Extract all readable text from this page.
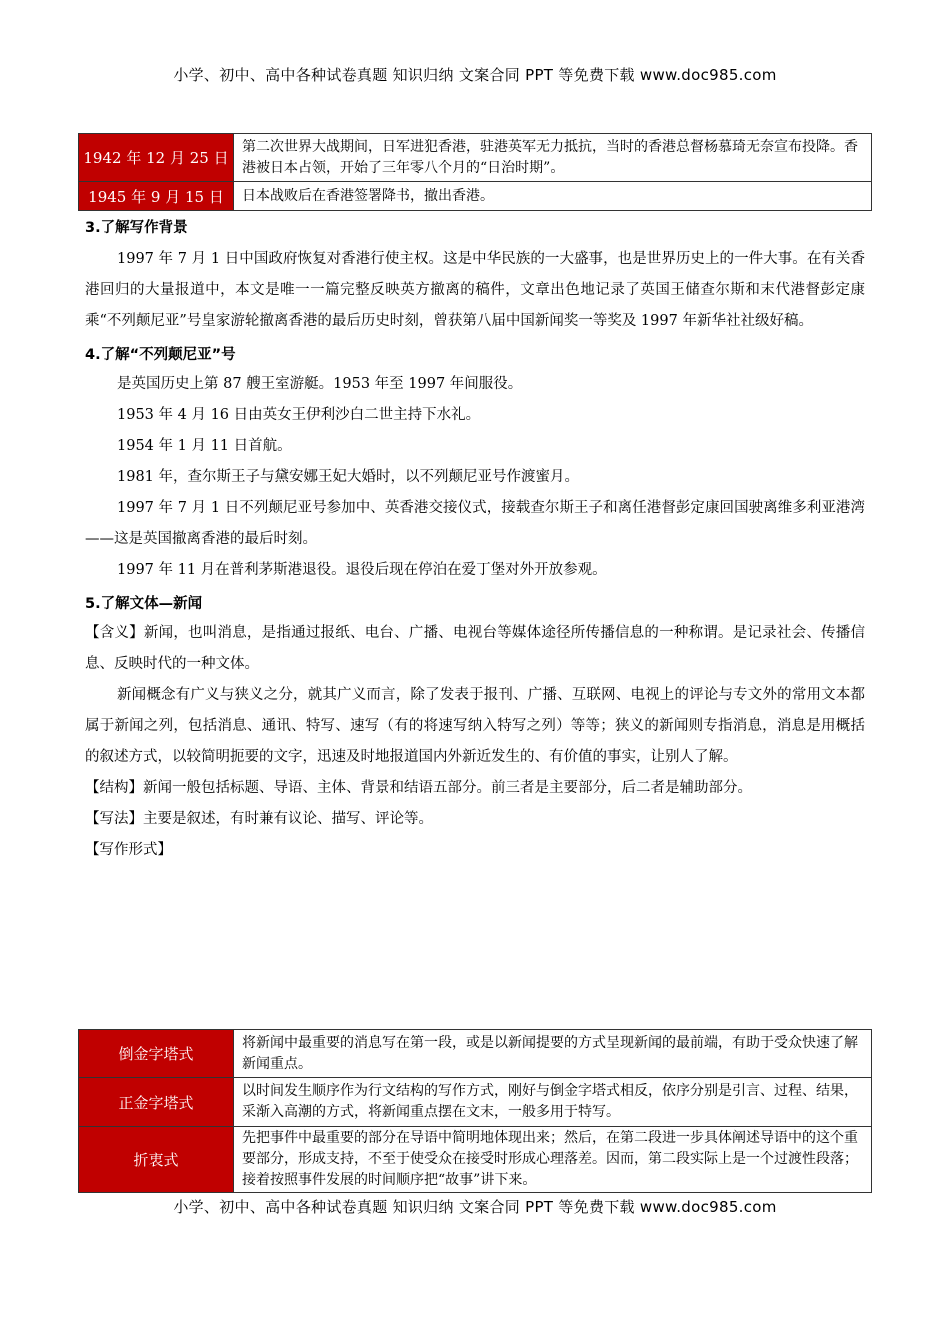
小学、初中、高中各种试卷真题 知识归纳 文案合同 PPT 等免费下载 www.doc985.com
1942 年 12 月 25 日	第二次世界大战期间，日军进犯香港，驻港英军无力抵抗，当时的香港总督杨慕琦无奈宣布投降。香港被日本占领，开始了三年零八个月的“日治时期”。
1945 年 9 月 15 日	日本战败后在香港签署降书，撤出香港。
3.了解写作背景
1997 年 7 月 1 日中国政府恢复对香港行使主权。这是中华民族的一大盛事，也是世界历史上的一件大事。在有关香港回归的大量报道中，本文是唯一一篇完整反映英方撤离的稿件，文章出色地记录了英国王储查尔斯和末代港督彭定康乘“不列颠尼亚”号皇家游轮撤离香港的最后历史时刻，曾获第八届中国新闻奖一等奖及 1997 年新华社社级好稿。
4.了解“不列颠尼亚”号
是英国历史上第 87 艘王室游艇。1953 年至 1997 年间服役。
1953 年 4 月 16 日由英女王伊利沙白二世主持下水礼。
1954 年 1 月 11 日首航。
1981 年，查尔斯王子与黛安娜王妃大婚时，以不列颠尼亚号作渡蜜月。
1997 年 7 月 1 日不列颠尼亚号参加中、英香港交接仪式，接载查尔斯王子和离任港督彭定康回国驶离维多利亚港湾——这是英国撤离香港的最后时刻。
1997 年 11 月在普利茅斯港退役。退役后现在停泊在爱丁堡对外开放参观。
5.了解文体—新闻
【含义】新闻，也叫消息，是指通过报纸、电台、广播、电视台等媒体途径所传播信息的一种称谓。是记录社会、传播信息、反映时代的一种文体。
新闻概念有广义与狭义之分，就其广义而言，除了发表于报刊、广播、互联网、电视上的评论与专文外的常用文本都属于新闻之列，包括消息、通讯、特写、速写（有的将速写纳入特写之列）等等；狭义的新闻则专指消息，消息是用概括的叙述方式，以较简明扼要的文字，迅速及时地报道国内外新近发生的、有价值的事实，让别人了解。
【结构】新闻一般包括标题、导语、主体、背景和结语五部分。前三者是主要部分，后二者是辅助部分。
【写法】主要是叙述，有时兼有议论、描写、评论等。
【写作形式】
倒金字塔式	将新闻中最重要的消息写在第一段，或是以新闻提要的方式呈现新闻的最前端，有助于受众快速了解新闻重点。
正金字塔式	以时间发生顺序作为行文结构的写作方式，刚好与倒金字塔式相反，依序分别是引言、过程、结果，采渐入高潮的方式，将新闻重点摆在文末，一般多用于特写。
折衷式	先把事件中最重要的部分在导语中简明地体现出来；然后，在第二段进一步具体阐述导语中的这个重要部分，形成支持，不至于使受众在接受时形成心理落差。因而，第二段实际上是一个过渡性段落；接着按照事件发展的时间顺序把“故事”讲下来。
小学、初中、高中各种试卷真题 知识归纳 文案合同 PPT 等免费下载 www.doc985.com
